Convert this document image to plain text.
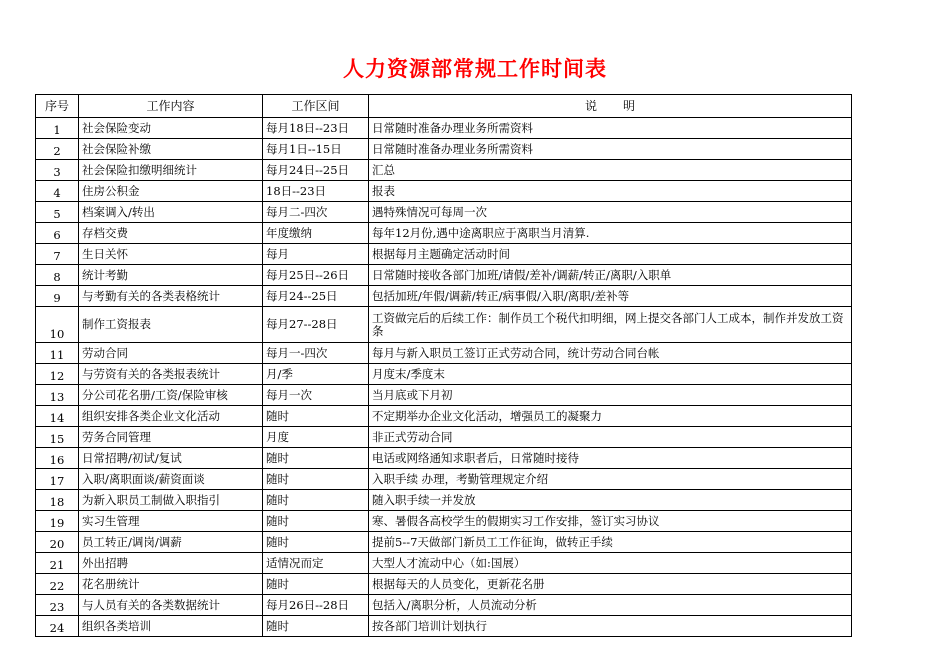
人力资源部常规工作时间表
序号	工作内容	工作区间	说 明
1	社会保险变动	每月18日--23日	日常随时准备办理业务所需资料
2	社会保险补缴	每月1日--15日	日常随时准备办理业务所需资料
3	社会保险扣缴明细统计	每月24日--25日	汇总
4	住房公积金	18日--23日	报表
5	档案调入/转出	每月二-四次	遇特殊情况可每周一次
6	存档交费	年度缴纳	每年12月份,遇中途离职应于离职当月清算.
7	生日关怀	每月	根据每月主题确定活动时间
8	统计考勤	每月25日--26日	日常随时接收各部门加班/请假/差补/调薪/转正/离职/入职单
9	与考勤有关的各类表格统计	每月24--25日	包括加班/年假/调薪/转正/病事假/入职/离职/差补等
10	制作工资报表	每月27--28日	工资做完后的后续工作：制作员工个税代扣明细，网上提交各部门人工成本，制作并发放工资条
11	劳动合同	每月一-四次	每月与新入职员工签订正式劳动合同，统计劳动合同台帐
12	与劳资有关的各类报表统计	月/季	月度末/季度末
13	分公司花名册/工资/保险审核	每月一次	当月底或下月初
14	组织安排各类企业文化活动	随时	不定期举办企业文化活动，增强员工的凝聚力
15	劳务合同管理	月度	非正式劳动合同
16	日常招聘/初试/复试	随时	电话或网络通知求职者后，日常随时接待
17	入职/离职面谈/薪资面谈	随时	入职手续 办理，考勤管理规定介绍
18	为新入职员工制做入职指引	随时	随入职手续一并发放
19	实习生管理	随时	寒、暑假各高校学生的假期实习工作安排，签订实习协议
20	员工转正/调岗/调薪	随时	提前5--7天做部门新员工工作征询，做转正手续
21	外出招聘	适情况而定	大型人才流动中心（如:国展）
22	花名册统计	随时	根据每天的人员变化，更新花名册
23	与人员有关的各类数据统计	每月26日--28日	包括入/离职分析，人员流动分析
24	组织各类培训	随时	按各部门培训计划执行
